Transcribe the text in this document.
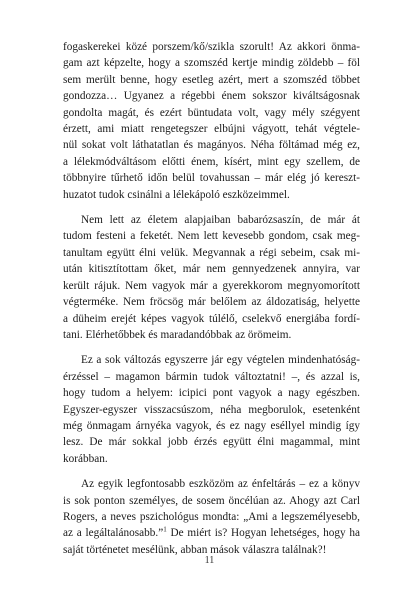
fogaskerekei közé porszem/kő/szikla szorult! Az akkori önma-
gam azt képzelte, hogy a szomszéd kertje mindig zöldebb – föl
sem merült benne, hogy esetleg azért, mert a szomszéd többet
gondozza… Ugyanez a régebbi énem sokszor kiváltságosnak
gondolta magát, és ezért büntudata volt, vagy mély szégyent
érzett, ami miatt rengetegszer elbújni vágyott, tehát végtele-
nül sokat volt láthatatlan és magányos. Néha föltámad még ez,
a lélekmódváltásom előtti énem, kísért, mint egy szellem, de
többnyire tűrhető időn belül tovahussan – már elég jó kereszt-
huzatot tudok csinálni a lélekápoló eszközeimmel.
Nem lett az életem alapjaiban babarózsaszín, de már át
tudom festeni a feketét. Nem lett kevesebb gondom, csak meg-
tanultam együtt élni velük. Megvannak a régi sebeim, csak mi-
után kitisztítottam őket, már nem gennyedzenek annyira, var
került rájuk. Nem vagyok már a gyerekkorom megnyomorított
végterméke. Nem fröcsög már belőlem az áldozatiság, helyette
a düheim erejét képes vagyok túlélő, cselekvő energiába fordí-
tani. Elérhetőbbek és maradandóbbak az örömeim.
Ez a sok változás egyszerre jár egy végtelen mindenhatóság-
érzéssel – magamon bármin tudok változtatni! –, és azzal is,
hogy tudom a helyem: icipici pont vagyok a nagy egészben.
Egyszer-egyszer visszacsúszom, néha megborulok, esetenként
még önmagam árnyéka vagyok, és ez nagy eséllyel mindig így
lesz. De már sokkal jobb érzés együtt élni magammal, mint
korábban.
Az egyik legfontosabb eszközöm az énfeltárás – ez a könyv
is sok ponton személyes, de sosem öncélúan az. Ahogy azt Carl
Rogers, a neves pszichológus mondta: „Ami a legszemélyesebb,
az a legáltalánosabb.”$^1$ De miért is? Hogyan lehetséges, hogy ha
saját történetet mesélünk, abban mások válaszra találnak?!
11
